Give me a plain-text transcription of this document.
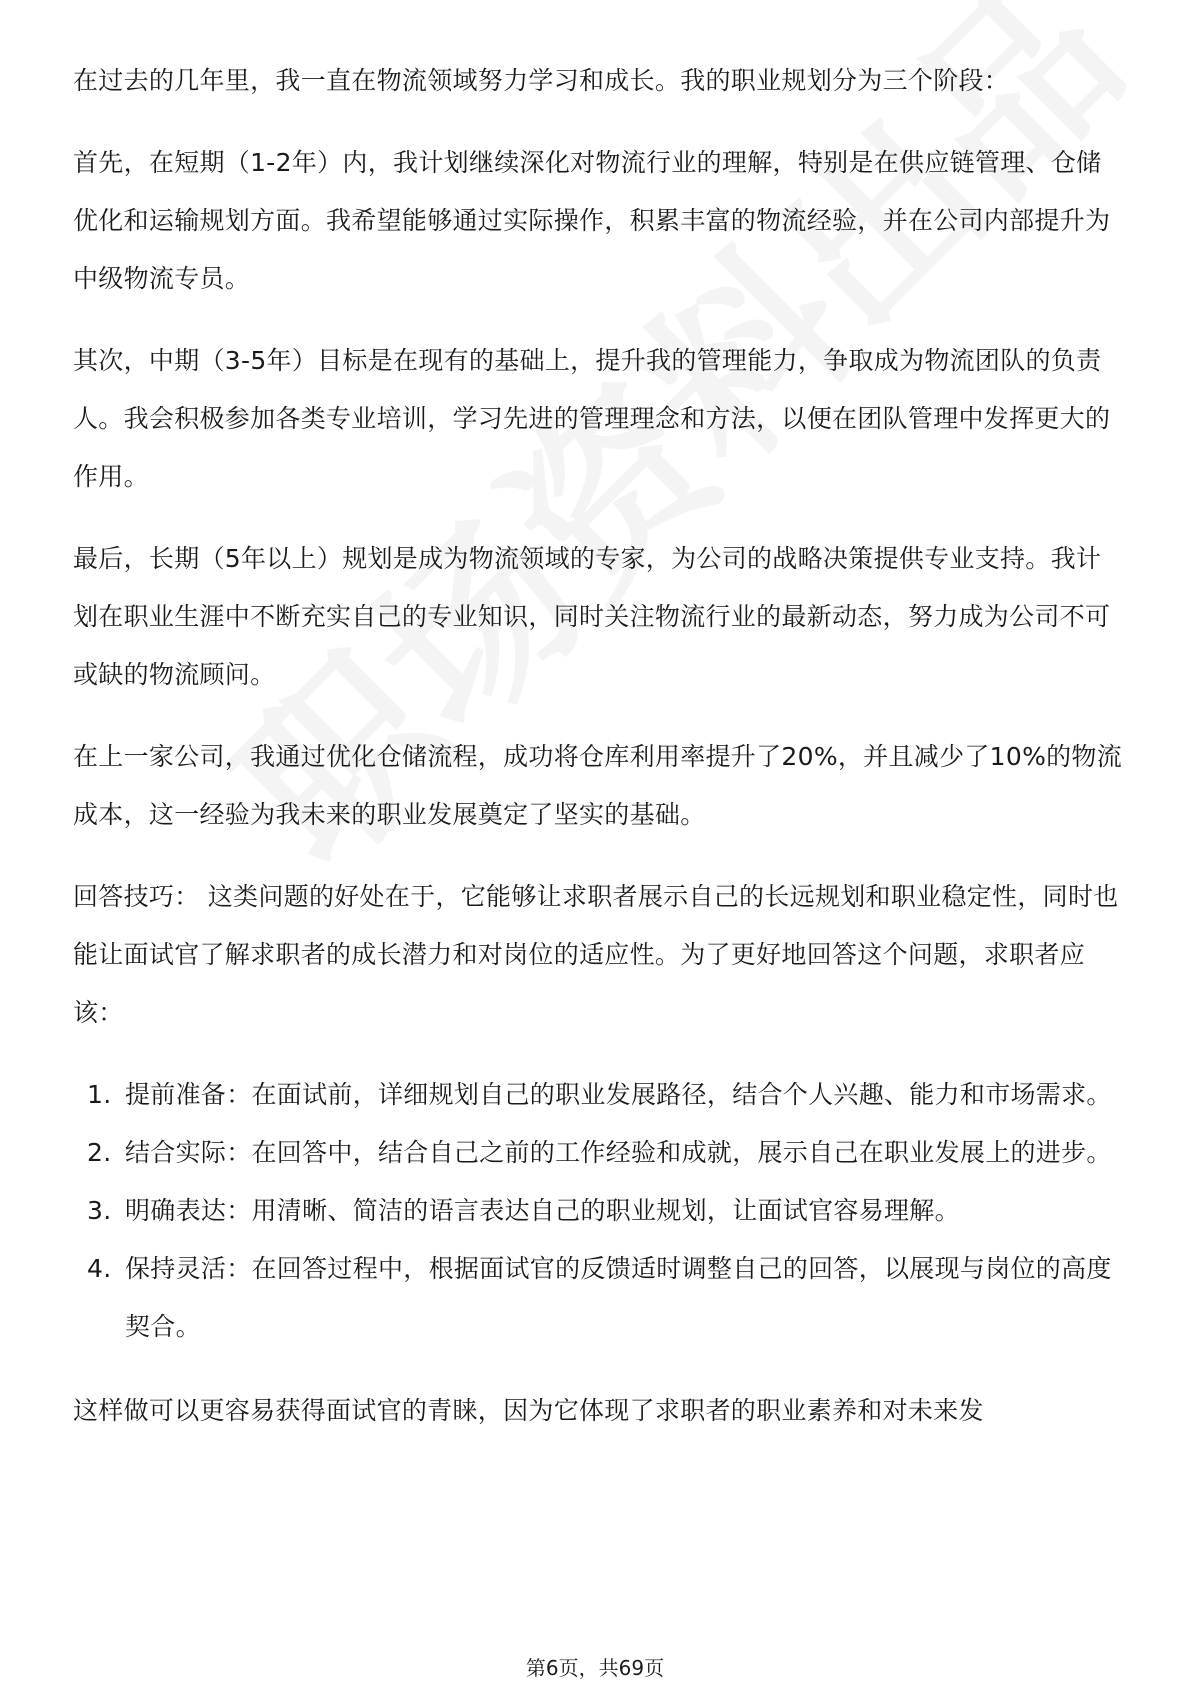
在过去的几年里，我一直在物流领域努力学习和成长。我的职业规划分为三个阶段：

首先，在短期（1-2年）内，我计划继续深化对物流行业的理解，特别是在供应链管理、仓储优化和运输规划方面。我希望能够通过实际操作，积累丰富的物流经验，并在公司内部提升为中级物流专员。

其次，中期（3-5年）目标是在现有的基础上，提升我的管理能力，争取成为物流团队的负责人。我会积极参加各类专业培训，学习先进的管理理念和方法，以便在团队管理中发挥更大的作用。

最后，长期（5年以上）规划是成为物流领域的专家，为公司的战略决策提供专业支持。我计划在职业生涯中不断充实自己的专业知识，同时关注物流行业的最新动态，努力成为公司不可或缺的物流顾问。

在上一家公司，我通过优化仓储流程，成功将仓库利用率提升了20%，并且减少了10%的物流成本，这一经验为我未来的职业发展奠定了坚实的基础。

回答技巧： 这类问题的好处在于，它能够让求职者展示自己的长远规划和职业稳定性，同时也能让面试官了解求职者的成长潜力和对岗位的适应性。为了更好地回答这个问题，求职者应该：

1. 提前准备：在面试前，详细规划自己的职业发展路径，结合个人兴趣、能力和市场需求。
2. 结合实际：在回答中，结合自己之前的工作经验和成就，展示自己在职业发展上的进步。
3. 明确表达：用清晰、简洁的语言表达自己的职业规划，让面试官容易理解。
4. 保持灵活：在回答过程中，根据面试官的反馈适时调整自己的回答，以展现与岗位的高度契合。

这样做可以更容易获得面试官的青睐，因为它体现了求职者的职业素养和对未来发

第6页，共69页
